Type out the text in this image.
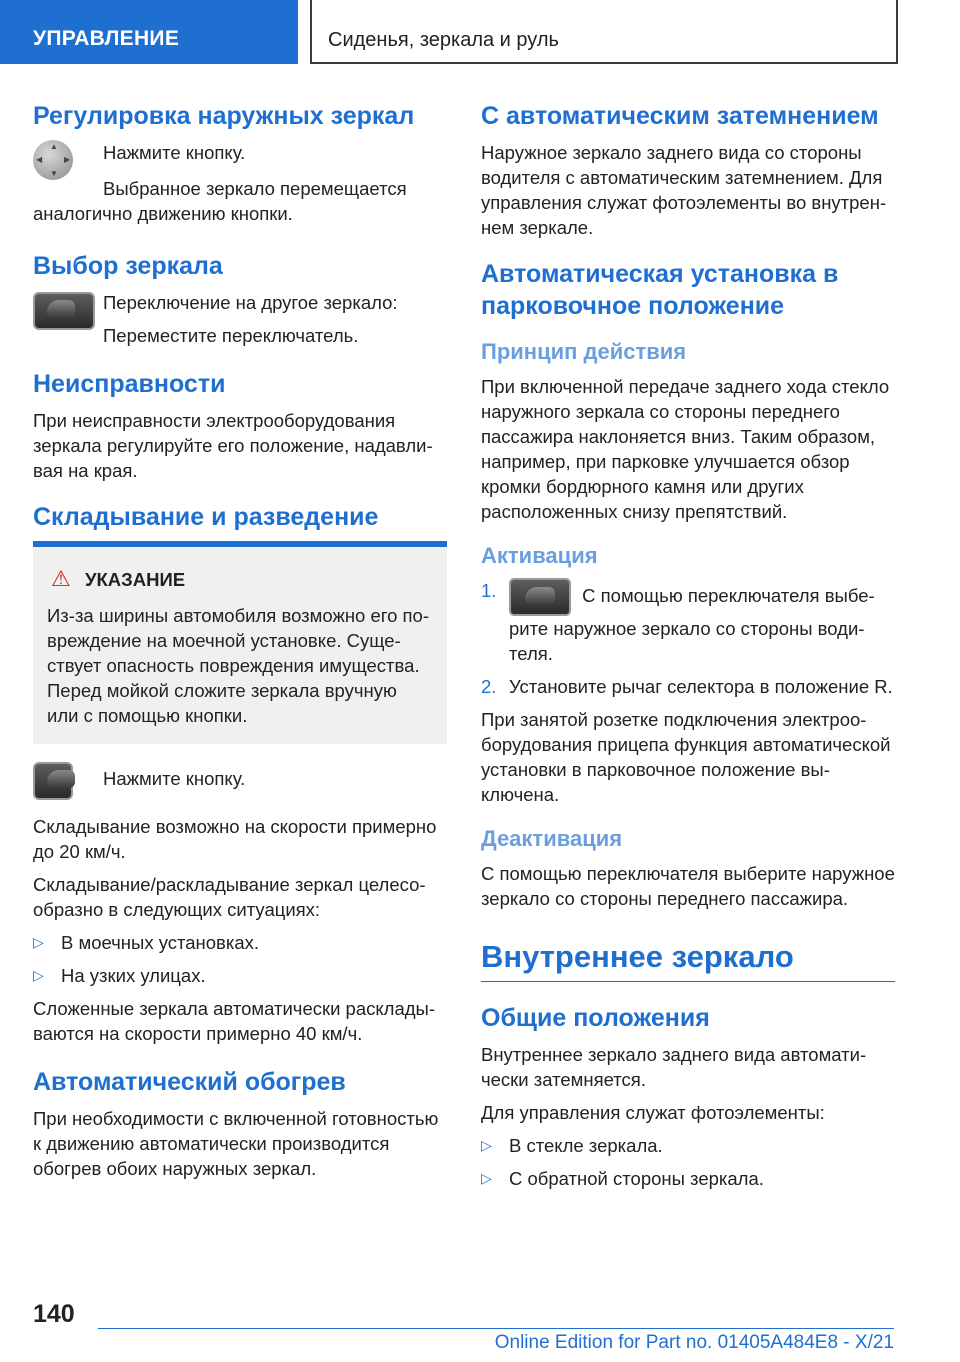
УПРАВЛЕНИЕ	Сиденья, зеркала и руль
Регулировка наружных зеркал
▲
▼
◀	▶ Нажмите кнопку.

Выбранное зеркало перемещается аналогично движению кнопки.

Выбор зеркала

Переключение на другое зеркало:

Переместите переключатель.

Неисправности

При неисправности электрооборудования зеркала регулируйте его положение, надавливая на края.

Складывание и разведение
⚠ УКАЗАНИЕ

Из-за ширины автомобиля возможно его повреждение на моечной установке. Существует опасность повреждения имущества. Перед мойкой сложите зеркала вручную или с помощью кнопки.

Нажмите кнопку.

Складывание возможно на скорости примерно до 20 км/ч.

Складывание/раскладывание зеркал целесообразно в следующих ситуациях:

▷ В моечных установках.
▷ На узких улицах.

Сложенные зеркала автоматически раскладываются на скорости примерно 40 км/ч.

Автоматический обогрев

При необходимости с включенной готовностью к движению автоматически производится обогрев обоих наружных зеркал.

С автоматическим затемнением

Наружное зеркало заднего вида со стороны водителя с автоматическим затемнением. Для управления служат фотоэлементы во внутреннем зеркале.

Автоматическая установка в парковочное положение
Принцип действия

При включенной передаче заднего хода стекло наружного зеркала со стороны переднего пассажира наклоняется вниз. Таким образом, например, при парковке улучшается обзор кромки бордюрного камня или других расположенных снизу препятствий.

Активация
1.	С помощью переключателя выберите наружное зеркало со стороны водителя.
2. Установите рычаг селектора в положение R.

При занятой розетке подключения электрооборудования прицепа функция автоматической установки в парковочное положение выключена.

Деактивация

С помощью переключателя выберите наружное зеркало со стороны переднего пассажира.

Внутреннее зеркало
Общие положения

Внутреннее зеркало заднего вида автоматически затемняется.

Для управления служат фотоэлементы:

▷ В стекле зеркала.
▷ С обратной стороны зеркала.
140
Online Edition for Part no. 01405A484E8 - X/21
